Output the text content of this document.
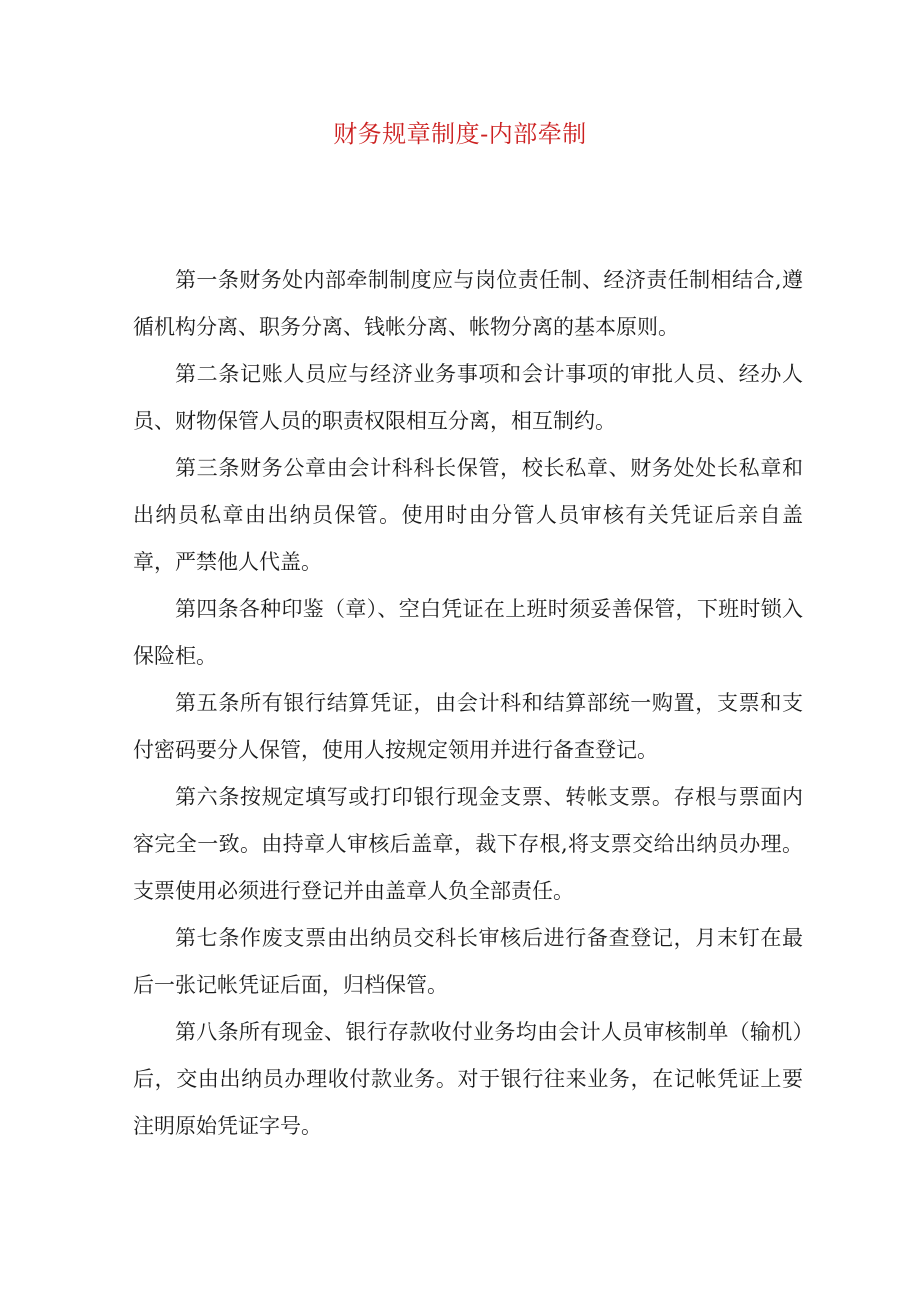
财务规章制度-内部牵制

第一条财务处内部牵制制度应与岗位责任制、经济责任制相结合,遵循机构分离、职务分离、钱帐分离、帐物分离的基本原则。

第二条记账人员应与经济业务事项和会计事项的审批人员、经办人员、财物保管人员的职责权限相互分离，相互制约。

第三条财务公章由会计科科长保管，校长私章、财务处处长私章和出纳员私章由出纳员保管。使用时由分管人员审核有关凭证后亲自盖章，严禁他人代盖。

第四条各种印鉴（章）、空白凭证在上班时须妥善保管，下班时锁入保险柜。

第五条所有银行结算凭证，由会计科和结算部统一购置，支票和支付密码要分人保管，使用人按规定领用并进行备查登记。

第六条按规定填写或打印银行现金支票、转帐支票。存根与票面内容完全一致。由持章人审核后盖章，裁下存根,将支票交给出纳员办理。支票使用必须进行登记并由盖章人负全部责任。

第七条作废支票由出纳员交科长审核后进行备查登记，月末钉在最后一张记帐凭证后面，归档保管。

第八条所有现金、银行存款收付业务均由会计人员审核制单（输机）后，交由出纳员办理收付款业务。对于银行往来业务，在记帐凭证上要注明原始凭证字号。
